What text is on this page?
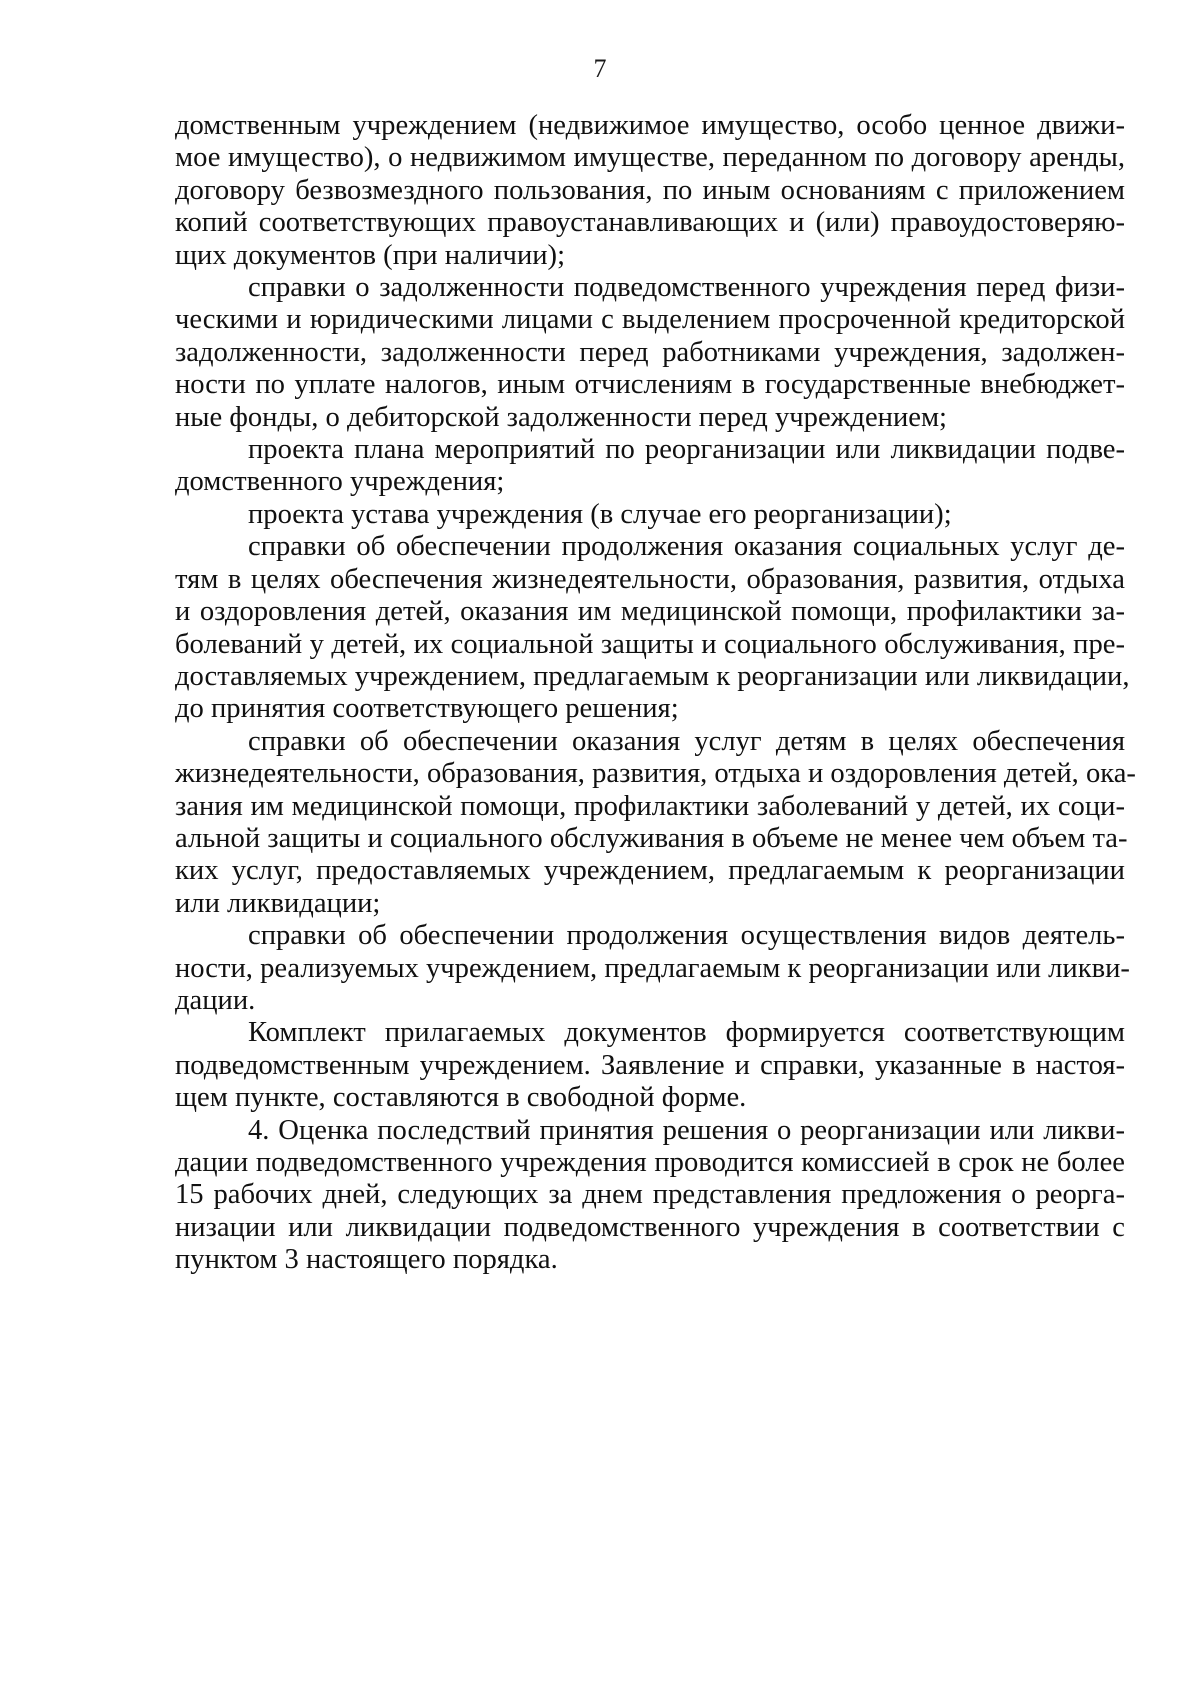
7
домственным учреждением (недвижимое имущество, особо ценное движи-
мое имущество), о недвижимом имуществе, переданном по договору аренды,
договору безвозмездного пользования, по иным основаниям с приложением
копий соответствующих правоустанавливающих и (или) правоудостоверяю-
щих документов (при наличии);
справки о задолженности подведомственного учреждения перед физи-
ческими и юридическими лицами с выделением просроченной кредиторской
задолженности, задолженности перед работниками учреждения, задолжен-
ности по уплате налогов, иным отчислениям в государственные внебюджет-
ные фонды, о дебиторской задолженности перед учреждением;
проекта плана мероприятий по реорганизации или ликвидации подве-
домственного учреждения;
проекта устава учреждения (в случае его реорганизации);
справки об обеспечении продолжения оказания социальных услуг де-
тям в целях обеспечения жизнедеятельности, образования, развития, отдыха
и оздоровления детей, оказания им медицинской помощи, профилактики за-
болеваний у детей, их социальной защиты и социального обслуживания, пре-
доставляемых учреждением, предлагаемым к реорганизации или ликвидации,
до принятия соответствующего решения;
справки об обеспечении оказания услуг детям в целях обеспечения
жизнедеятельности, образования, развития, отдыха и оздоровления детей, ока-
зания им медицинской помощи, профилактики заболеваний у детей, их соци-
альной защиты и социального обслуживания в объеме не менее чем объем та-
ких услуг, предоставляемых учреждением, предлагаемым к реорганизации
или ликвидации;
справки об обеспечении продолжения осуществления видов деятель-
ности, реализуемых учреждением, предлагаемым к реорганизации или ликви-
дации.
Комплект прилагаемых документов формируется соответствующим
подведомственным учреждением. Заявление и справки, указанные в настоя-
щем пункте, составляются в свободной форме.
4. Оценка последствий принятия решения о реорганизации или ликви-
дации подведомственного учреждения проводится комиссией в срок не более
15 рабочих дней, следующих за днем представления предложения о реорга-
низации или ликвидации подведомственного учреждения в соответствии с
пунктом 3 настоящего порядка.
